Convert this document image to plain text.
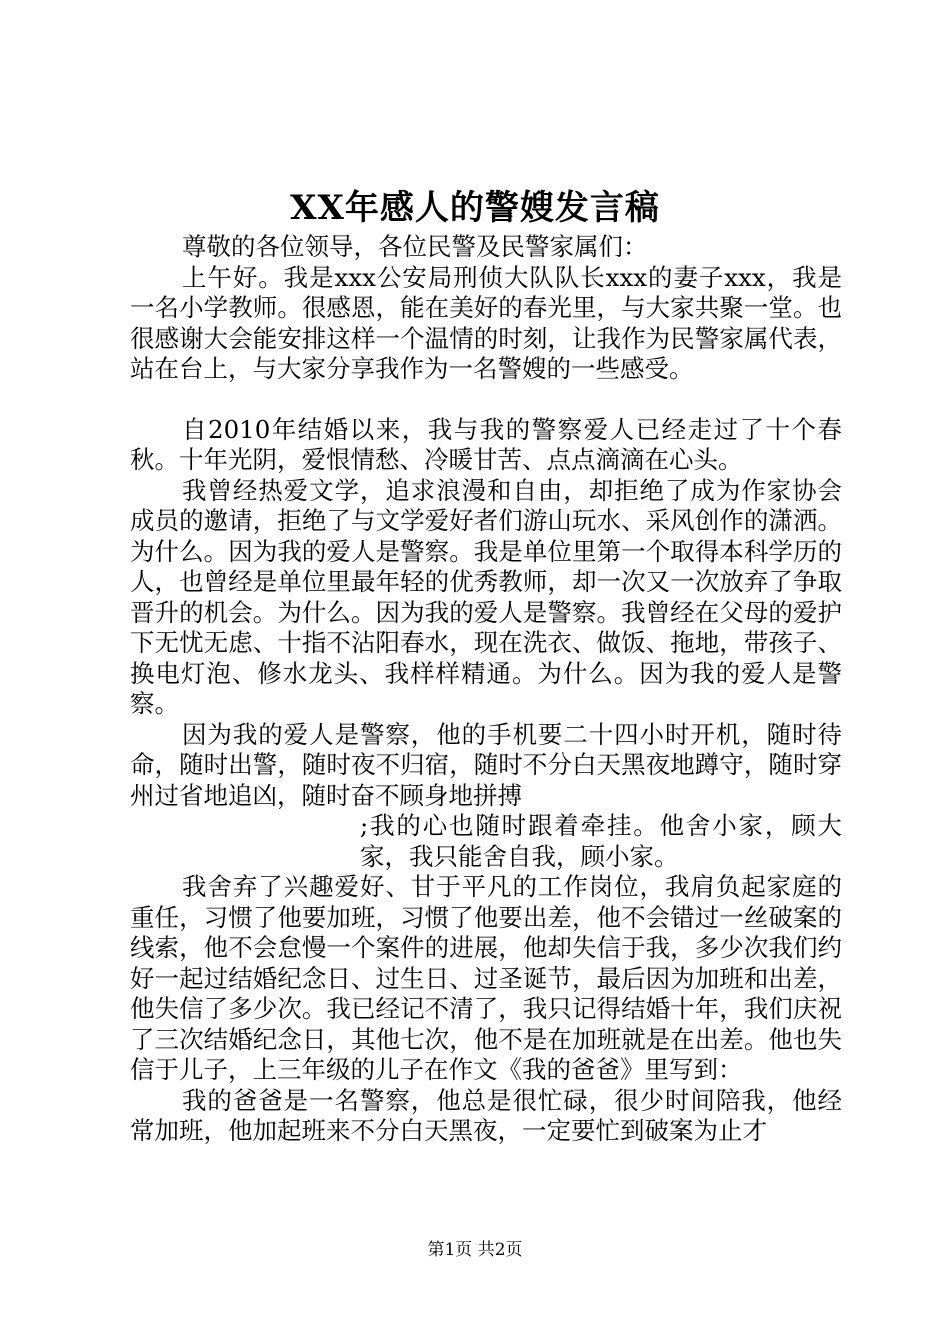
XX年感人的警嫂发言稿

尊敬的各位领导，各位民警及民警家属们：

上午好。我是xxx公安局刑侦大队队长xxx的妻子xxx，我是一名小学教师。很感恩，能在美好的春光里，与大家共聚一堂。也很感谢大会能安排这样一个温情的时刻，让我作为民警家属代表，站在台上，与大家分享我作为一名警嫂的一些感受。

自2010年结婚以来，我与我的警察爱人已经走过了十个春秋。十年光阴，爱恨情愁、冷暖甘苦、点点滴滴在心头。

我曾经热爱文学，追求浪漫和自由，却拒绝了成为作家协会成员的邀请，拒绝了与文学爱好者们游山玩水、采风创作的潇洒。为什么。因为我的爱人是警察。我是单位里第一个取得本科学历的人，也曾经是单位里最年轻的优秀教师，却一次又一次放弃了争取晋升的机会。为什么。因为我的爱人是警察。我曾经在父母的爱护下无忧无虑、十指不沾阳春水，现在洗衣、做饭、拖地，带孩子、换电灯泡、修水龙头、我样样精通。为什么。因为我的爱人是警察。

因为我的爱人是警察，他的手机要二十四小时开机，随时待命，随时出警，随时夜不归宿，随时不分白天黑夜地蹲守，随时穿州过省地追凶，随时奋不顾身地拼搏

;我的心也随时跟着牵挂。他舍小家，顾大家，我只能舍自我，顾小家。

我舍弃了兴趣爱好、甘于平凡的工作岗位，我肩负起家庭的重任，习惯了他要加班，习惯了他要出差，他不会错过一丝破案的线索，他不会怠慢一个案件的进展，他却失信于我，多少次我们约好一起过结婚纪念日、过生日、过圣诞节，最后因为加班和出差，他失信了多少次。我已经记不清了，我只记得结婚十年，我们庆祝了三次结婚纪念日，其他七次，他不是在加班就是在出差。他也失信于儿子，上三年级的儿子在作文《我的爸爸》里写到：

我的爸爸是一名警察，他总是很忙碌，很少时间陪我，他经常加班，他加起班来不分白天黑夜，一定要忙到破案为止才

第1页 共2页
